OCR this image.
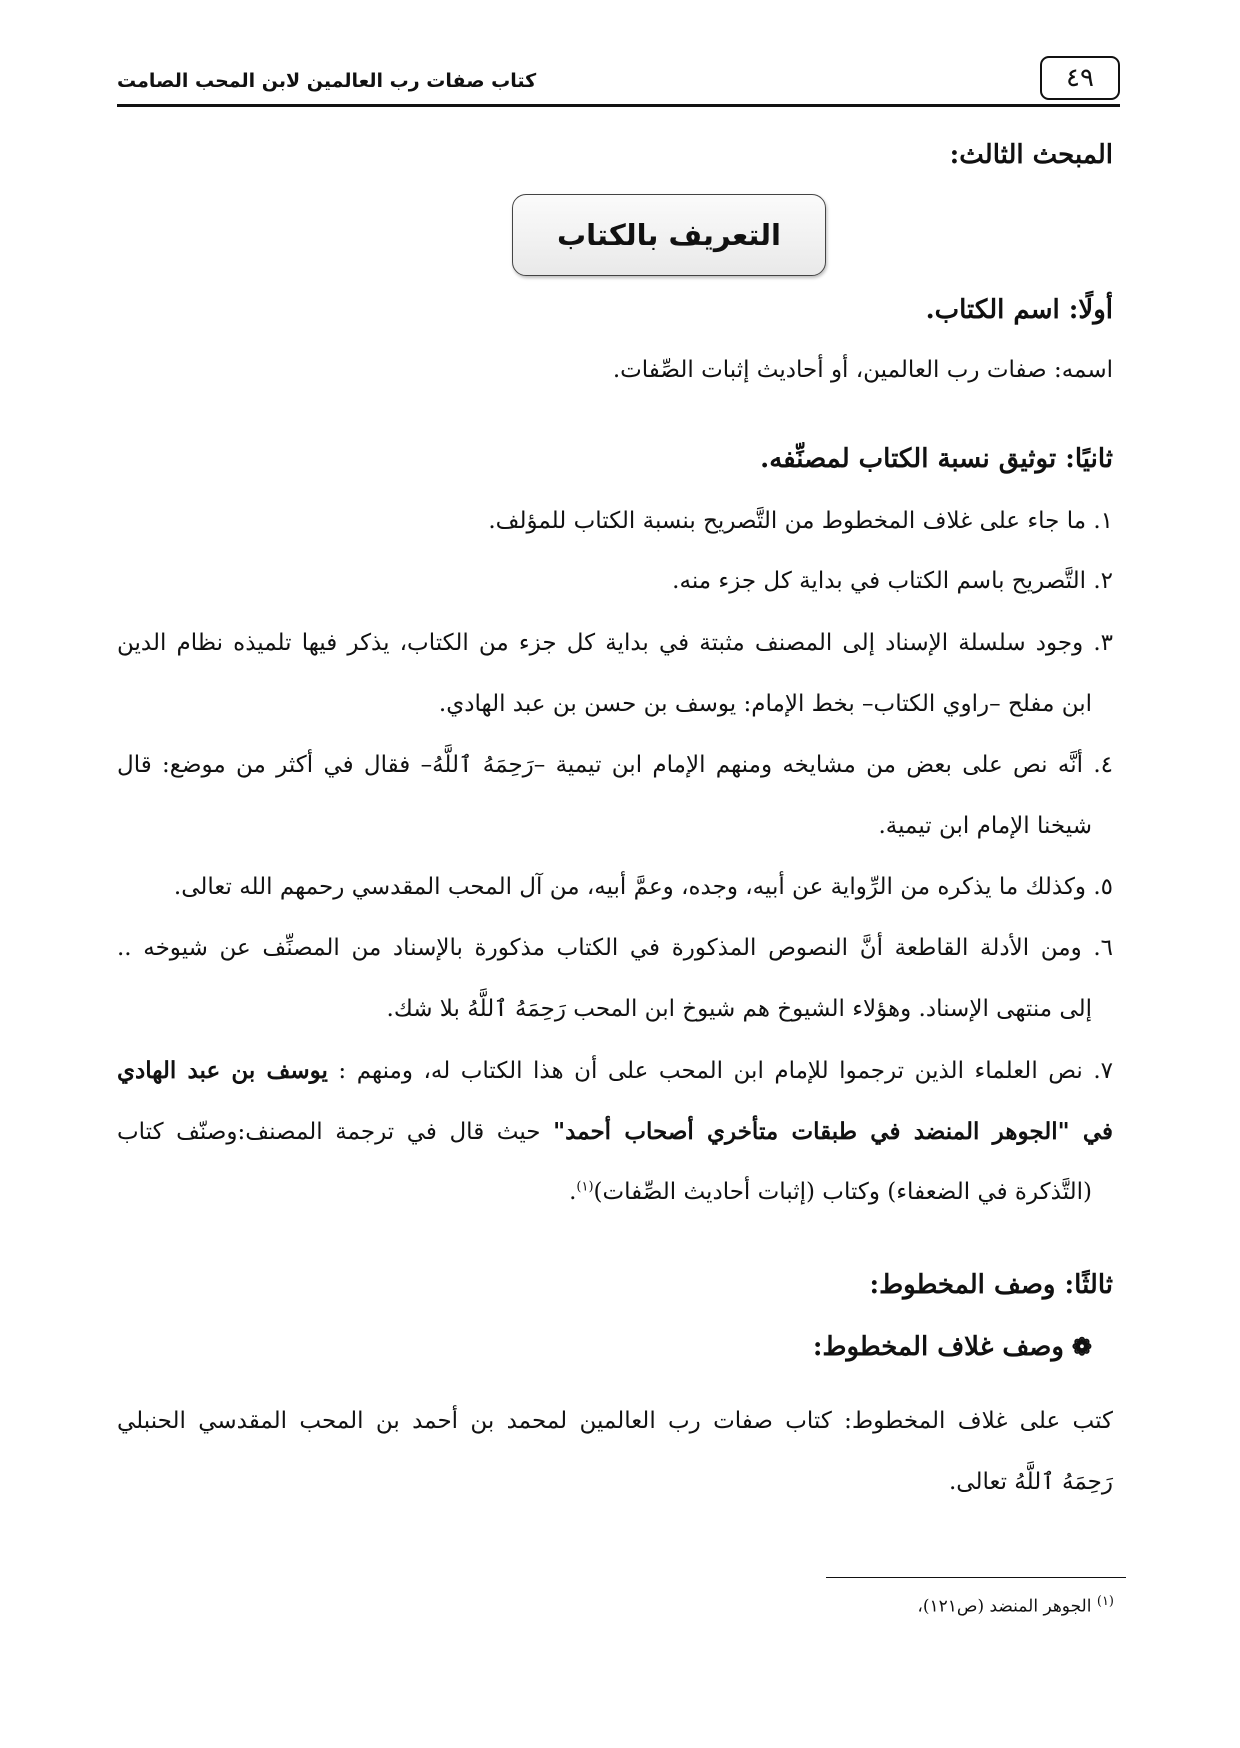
٤٩
كتاب صفات رب العالمين لابن المحب الصامت
المبحث الثالث:
التعريف بالكتاب
أولًا: اسم الكتاب.
اسمه: صفات رب العالمين، أو أحاديث إثبات الصِّفات.
ثانيًا: توثيق نسبة الكتاب لمصنِّفه.
١. ما جاء على غلاف المخطوط من التَّصريح بنسبة الكتاب للمؤلف.
٢. التَّصريح باسم الكتاب في بداية كل جزء منه.
٣. وجود سلسلة الإسناد إلى المصنف مثبتة في بداية كل جزء من الكتاب، يذكر فيها تلميذه نظام الدين
ابن مفلح –راوي الكتاب– بخط الإمام: يوسف بن حسن بن عبد الهادي.
٤. أنَّه نص على بعض من مشايخه ومنهم الإمام ابن تيمية –رَحِمَهُ ٱللَّهُ– فقال في أكثر من موضع: قال
شيخنا الإمام ابن تيمية.
٥. وكذلك ما يذكره من الرِّواية عن أبيه، وجده، وعمَّ أبيه، من آل المحب المقدسي رحمهم الله تعالى.
٦. ومن الأدلة القاطعة أنَّ النصوص المذكورة في الكتاب مذكورة بالإسناد من المصنِّف عن شيوخه ..
إلى منتهى الإسناد. وهؤلاء الشيوخ هم شيوخ ابن المحب رَحِمَهُ ٱللَّهُ بلا شك.
٧. نص العلماء الذين ترجموا للإمام ابن المحب على أن هذا الكتاب له، ومنهم : يوسف بن عبد الهادي
في "الجوهر المنضد في طبقات متأخري أصحاب أحمد" حيث قال في ترجمة المصنف:وصنّف كتاب
(التَّذكرة في الضعفاء) وكتاب (إثبات أحاديث الصِّفات)$^{(١)}$.
ثالثًا: وصف المخطوط:
❁وصف غلاف المخطوط:
كتب على غلاف المخطوط: كتاب صفات رب العالمين لمحمد بن أحمد بن المحب المقدسي الحنبلي
رَحِمَهُ ٱللَّهُ تعالى.
$^{(١)}$ الجوهر المنضد (ص١٢١)،
